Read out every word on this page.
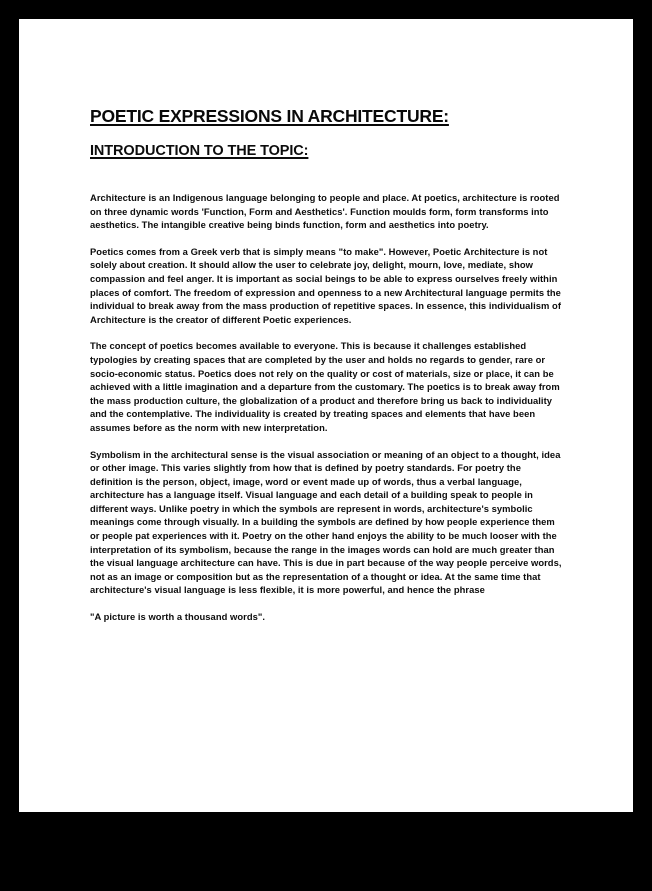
POETIC EXPRESSIONS IN ARCHITECTURE:
INTRODUCTION TO THE TOPIC:

Architecture is an Indigenous language belonging to people and place. At poetics, architecture is rooted on three dynamic words 'Function, Form and Aesthetics'. Function moulds form, form transforms into aesthetics. The intangible creative being binds function, form and aesthetics into poetry.

Poetics comes from a Greek verb that is simply means "to make". However, Poetic Architecture is not solely about creation. It should allow the user to celebrate joy, delight, mourn, love, mediate, show compassion and feel anger. It is important as social beings to be able to express ourselves freely within places of comfort. The freedom of expression and openness to a new Architectural language permits the individual to break away from the mass production of repetitive spaces. In essence, this individualism of Architecture is the creator of different Poetic experiences.

The concept of poetics becomes available to everyone. This is because it challenges established typologies by creating spaces that are completed by the user and holds no regards to gender, rare or socio-economic status. Poetics does not rely on the quality or cost of materials, size or place, it can be achieved with a little imagination and a departure from the customary. The poetics is to break away from the mass production culture, the globalization of a product and therefore bring us back to individuality and the contemplative. The individuality is created by treating spaces and elements that have been assumes before as the norm with new interpretation.

Symbolism in the architectural sense is the visual association or meaning of an object to a thought, idea or other image. This varies slightly from how that is defined by poetry standards. For poetry the definition is the person, object, image, word or event made up of words, thus a verbal language, architecture has a language itself. Visual language and each detail of a building speak to people in different ways. Unlike poetry in which the symbols are represent in words, architecture's symbolic meanings come through visually. In a building the symbols are defined by how people experience them or people pat experiences with it. Poetry on the other hand enjoys the ability to be much looser with the interpretation of its symbolism, because the range in the images words can hold are much greater than the visual language architecture can have. This is due in part because of the way people perceive words, not as an image or composition but as the representation of a thought or idea. At the same time that architecture's visual language is less flexible, it is more powerful, and hence the phrase

"A picture is worth a thousand words".
